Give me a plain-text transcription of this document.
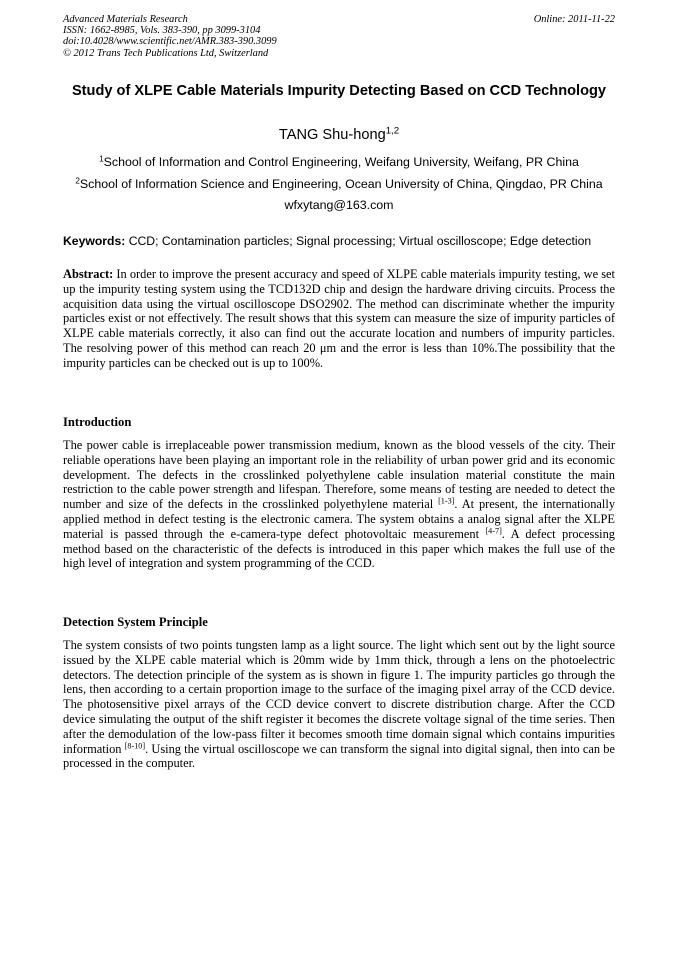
Advanced Materials Research	Online: 2011-11-22
ISSN: 1662-8985, Vols. 383-390, pp 3099-3104
doi:10.4028/www.scientific.net/AMR.383-390.3099
© 2012 Trans Tech Publications Ltd, Switzerland
Study of XLPE Cable Materials Impurity Detecting Based on CCD Technology
TANG Shu-hong$^{1,2}$
$^1$School of Information and Control Engineering, Weifang University, Weifang, PR China
$^2$School of Information Science and Engineering, Ocean University of China, Qingdao, PR China
wfxytang@163.com
Keywords: CCD; Contamination particles; Signal processing; Virtual oscilloscope; Edge detection
Abstract: In order to improve the present accuracy and speed of XLPE cable materials impurity testing, we set up the impurity testing system using the TCD132D chip and design the hardware driving circuits. Process the acquisition data using the virtual oscilloscope DSO2902. The method can discriminate whether the impurity particles exist or not effectively. The result shows that this system can measure the size of impurity particles of XLPE cable materials correctly, it also can find out the accurate location and numbers of impurity particles. The resolving power of this method can reach 20 μm and the error is less than 10%.The possibility that the impurity particles can be checked out is up to 100%.
Introduction
The power cable is irreplaceable power transmission medium, known as the blood vessels of the city. Their reliable operations have been playing an important role in the reliability of urban power grid and its economic development. The defects in the crosslinked polyethylene cable insulation material constitute the main restriction to the cable power strength and lifespan. Therefore, some means of testing are needed to detect the number and size of the defects in the crosslinked polyethylene material [1-3]. At present, the internationally applied method in defect testing is the electronic camera. The system obtains a analog signal after the XLPE material is passed through the e-camera-type defect photovoltaic measurement [4-7]. A defect processing method based on the characteristic of the defects is introduced in this paper which makes the full use of the high level of integration and system programming of the CCD.
Detection System Principle
The system consists of two points tungsten lamp as a light source. The light which sent out by the light source issued by the XLPE cable material which is 20mm wide by 1mm thick, through a lens on the photoelectric detectors. The detection principle of the system as is shown in figure 1. The impurity particles go through the lens, then according to a certain proportion image to the surface of the imaging pixel array of the CCD device. The photosensitive pixel arrays of the CCD device convert to discrete distribution charge. After the CCD device simulating the output of the shift register it becomes the discrete voltage signal of the time series. Then after the demodulation of the low-pass filter it becomes smooth time domain signal which contains impurities information [8-10]. Using the virtual oscilloscope we can transform the signal into digital signal, then into can be processed in the computer.
